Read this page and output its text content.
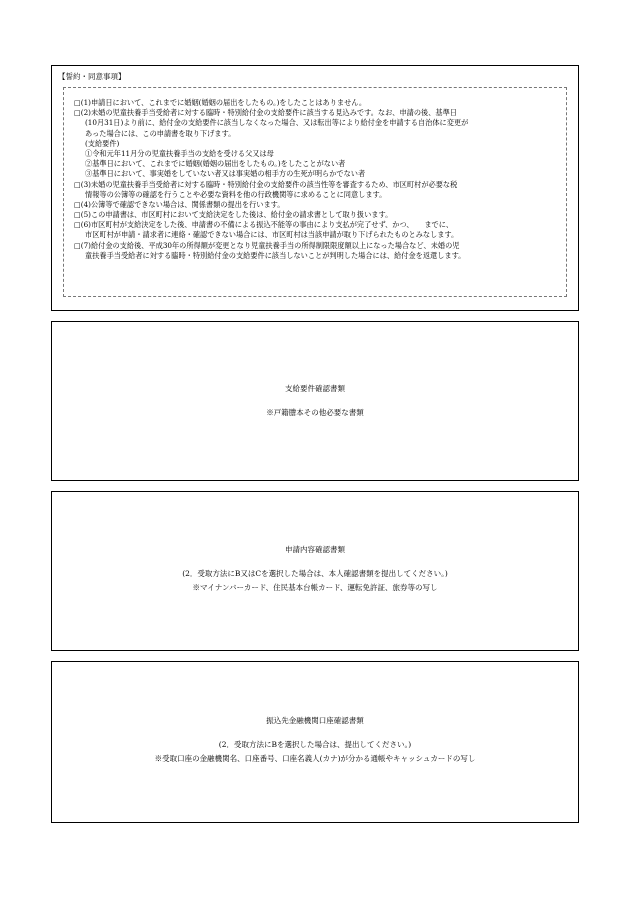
【誓約・同意事項】
□(1)申請日において、これまでに婚姻(婚姻の届出をしたもの。)をしたことはありません。
□(2)未婚の児童扶養手当受給者に対する臨時・特別給付金の支給要件に該当する見込みです。なお、申請の後、基準日
(10月31日)より前に、給付金の支給要件に該当しなくなった場合、又は転出等により給付金を申請する自治体に変更が
あった場合には、この申請書を取り下げます。
(支給要件)
①令和元年11月分の児童扶養手当の支給を受ける父又は母
②基準日において、これまでに婚姻(婚姻の届出をしたもの。)をしたことがない者
③基準日において、事実婚をしていない者又は事実婚の相手方の生死が明らかでない者
□(3)未婚の児童扶養手当受給者に対する臨時・特別給付金の支給要件の該当性等を審査するため、市区町村が必要な税
情報等の公簿等の確認を行うことや必要な資料を他の行政機関等に求めることに同意します。
□(4)公簿等で確認できない場合は、関係書類の提出を行います。
□(5)この申請書は、市区町村において支給決定をした後は、給付金の請求書として取り扱います。
□(6)市区町村が支給決定をした後、申請書の不備による振込不能等の事由により支払が完了せず、かつ、　　までに、
市区町村が申請・請求者に連絡・確認できない場合には、市区町村は当該申請が取り下げられたものとみなします。
□(7)給付金の支給後、平成30年の所得額が変更となり児童扶養手当の所得制限限度額以上になった場合など、未婚の児
童扶養手当受給者に対する臨時・特別給付金の支給要件に該当しないことが判明した場合には、給付金を返還します。
支給要件確認書類
※戸籍謄本その他必要な書類
申請内容確認書類
(2．受取方法にB又はCを選択した場合は、本人確認書類を提出してください。)
※マイナンバーカード、住民基本台帳カード、運転免許証、旅券等の写し
振込先金融機関口座確認書類
(2．受取方法にBを選択した場合は、提出してください。)
※受取口座の金融機関名、口座番号、口座名義人(カナ)が分かる通帳やキャッシュカードの写し
